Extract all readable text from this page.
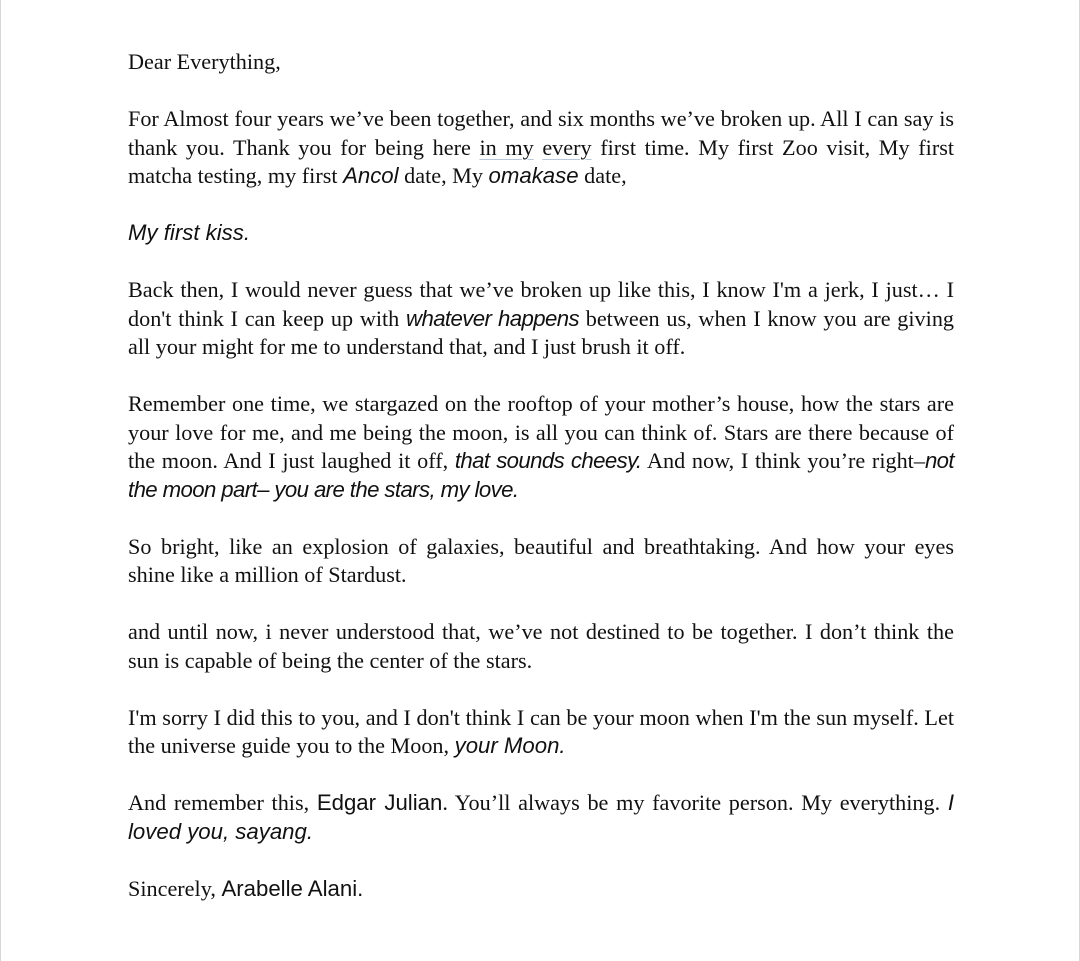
Dear Everything,

For Almost four years we’ve been together, and six months we’ve broken up. All I can say is thank you. Thank you for being here in my every first time. My first Zoo visit, My first matcha testing, my first Ancol date, My omakase date,

My first kiss.

Back then, I would never guess that we’ve broken up like this, I know I'm a jerk, I just… I don't think I can keep up with whatever happens between us, when I know you are giving all your might for me to understand that, and I just brush it off.

Remember one time, we stargazed on the rooftop of your mother’s house, how the stars are your love for me, and me being the moon, is all you can think of. Stars are there because of the moon. And I just laughed it off, that sounds cheesy. And now, I think you’re right–not the moon part– you are the stars, my love.

So bright, like an explosion of galaxies, beautiful and breathtaking. And how your eyes shine like a million of Stardust.

and until now, i never understood that, we’ve not destined to be together. I don’t think the sun is capable of being the center of the stars.

I'm sorry I did this to you, and I don't think I can be your moon when I'm the sun myself. Let the universe guide you to the Moon, your Moon.

And remember this, Edgar Julian. You’ll always be my favorite person. My everything. I loved you, sayang.

Sincerely, Arabelle Alani.
